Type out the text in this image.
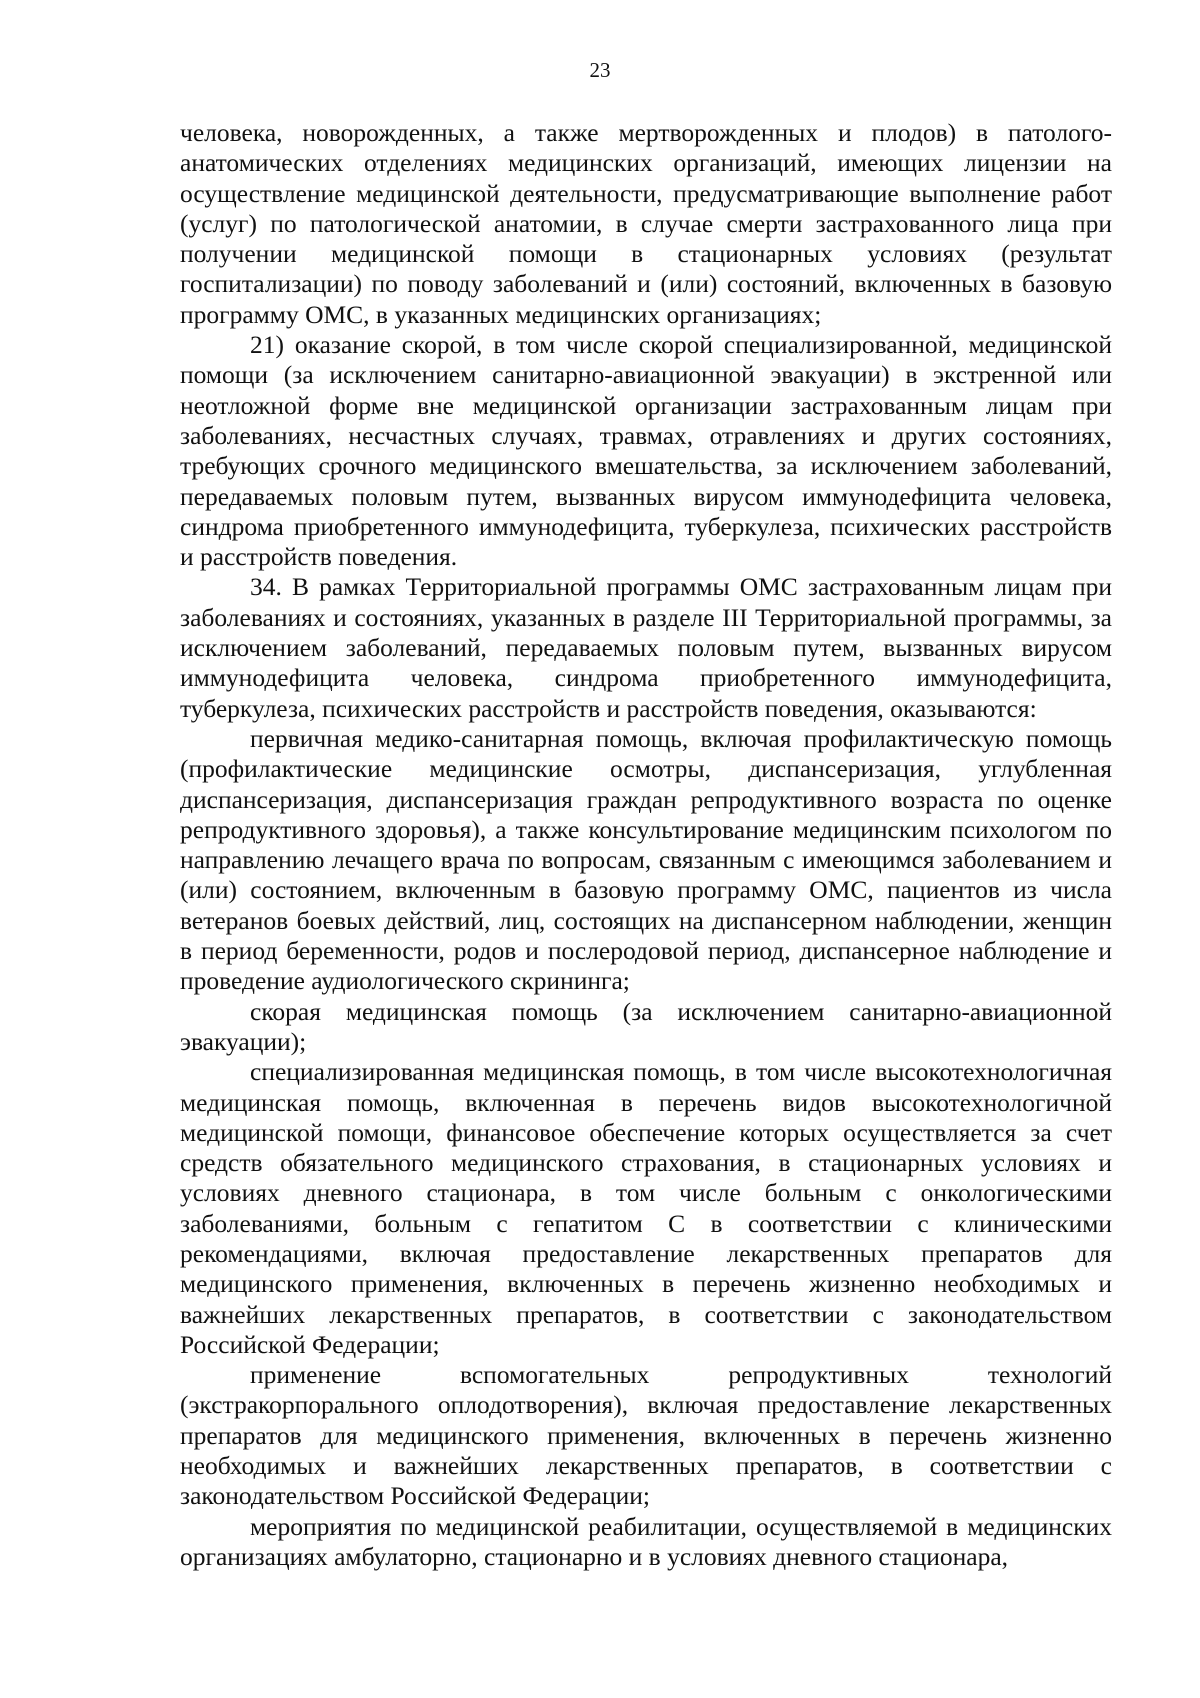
23

человека, новорожденных, а также мертворожденных и плодов) в патолого-анатомических отделениях медицинских организаций, имеющих лицензии на осуществление медицинской деятельности, предусматривающие выполнение работ (услуг) по патологической анатомии, в случае смерти застрахованного лица при получении медицинской помощи в стационарных условиях (результат госпитализации) по поводу заболеваний и (или) состояний, включенных в базовую программу ОМС, в указанных медицинских организациях;

21) оказание скорой, в том числе скорой специализированной, медицинской помощи (за исключением санитарно-авиационной эвакуации) в экстренной или неотложной форме вне медицинской организации застрахованным лицам при заболеваниях, несчастных случаях, травмах, отравлениях и других состояниях, требующих срочного медицинского вмешательства, за исключением заболеваний, передаваемых половым путем, вызванных вирусом иммунодефицита человека, синдрома приобретенного иммунодефицита, туберкулеза, психических расстройств и расстройств поведения.

34. В рамках Территориальной программы ОМС застрахованным лицам при заболеваниях и состояниях, указанных в разделе III Территориальной программы, за исключением заболеваний, передаваемых половым путем, вызванных вирусом иммунодефицита человека, синдрома приобретенного иммунодефицита, туберкулеза, психических расстройств и расстройств поведения, оказываются:

первичная медико-санитарная помощь, включая профилактическую помощь (профилактические медицинские осмотры, диспансеризация, углубленная диспансеризация, диспансеризация граждан репродуктивного возраста по оценке репродуктивного здоровья), а также консультирование медицинским психологом по направлению лечащего врача по вопросам, связанным с имеющимся заболеванием и (или) состоянием, включенным в базовую программу ОМС, пациентов из числа ветеранов боевых действий, лиц, состоящих на диспансерном наблюдении, женщин в период беременности, родов и послеродовой период, диспансерное наблюдение и проведение аудиологического скрининга;

скорая медицинская помощь (за исключением санитарно-авиационной эвакуации);

специализированная медицинская помощь, в том числе высокотехнологичная медицинская помощь, включенная в перечень видов высокотехнологичной медицинской помощи, финансовое обеспечение которых осуществляется за счет средств обязательного медицинского страхования, в стационарных условиях и условиях дневного стационара, в том числе больным с онкологическими заболеваниями, больным с гепатитом С в соответствии с клиническими рекомендациями, включая предоставление лекарственных препаратов для медицинского применения, включенных в перечень жизненно необходимых и важнейших лекарственных препаратов, в соответствии с законодательством Российской Федерации;

применение вспомогательных репродуктивных технологий (экстракорпорального оплодотворения), включая предоставление лекарственных препаратов для медицинского применения, включенных в перечень жизненно необходимых и важнейших лекарственных препаратов, в соответствии с законодательством Российской Федерации;

мероприятия по медицинской реабилитации, осуществляемой в медицинских организациях амбулаторно, стационарно и в условиях дневного стационара,
